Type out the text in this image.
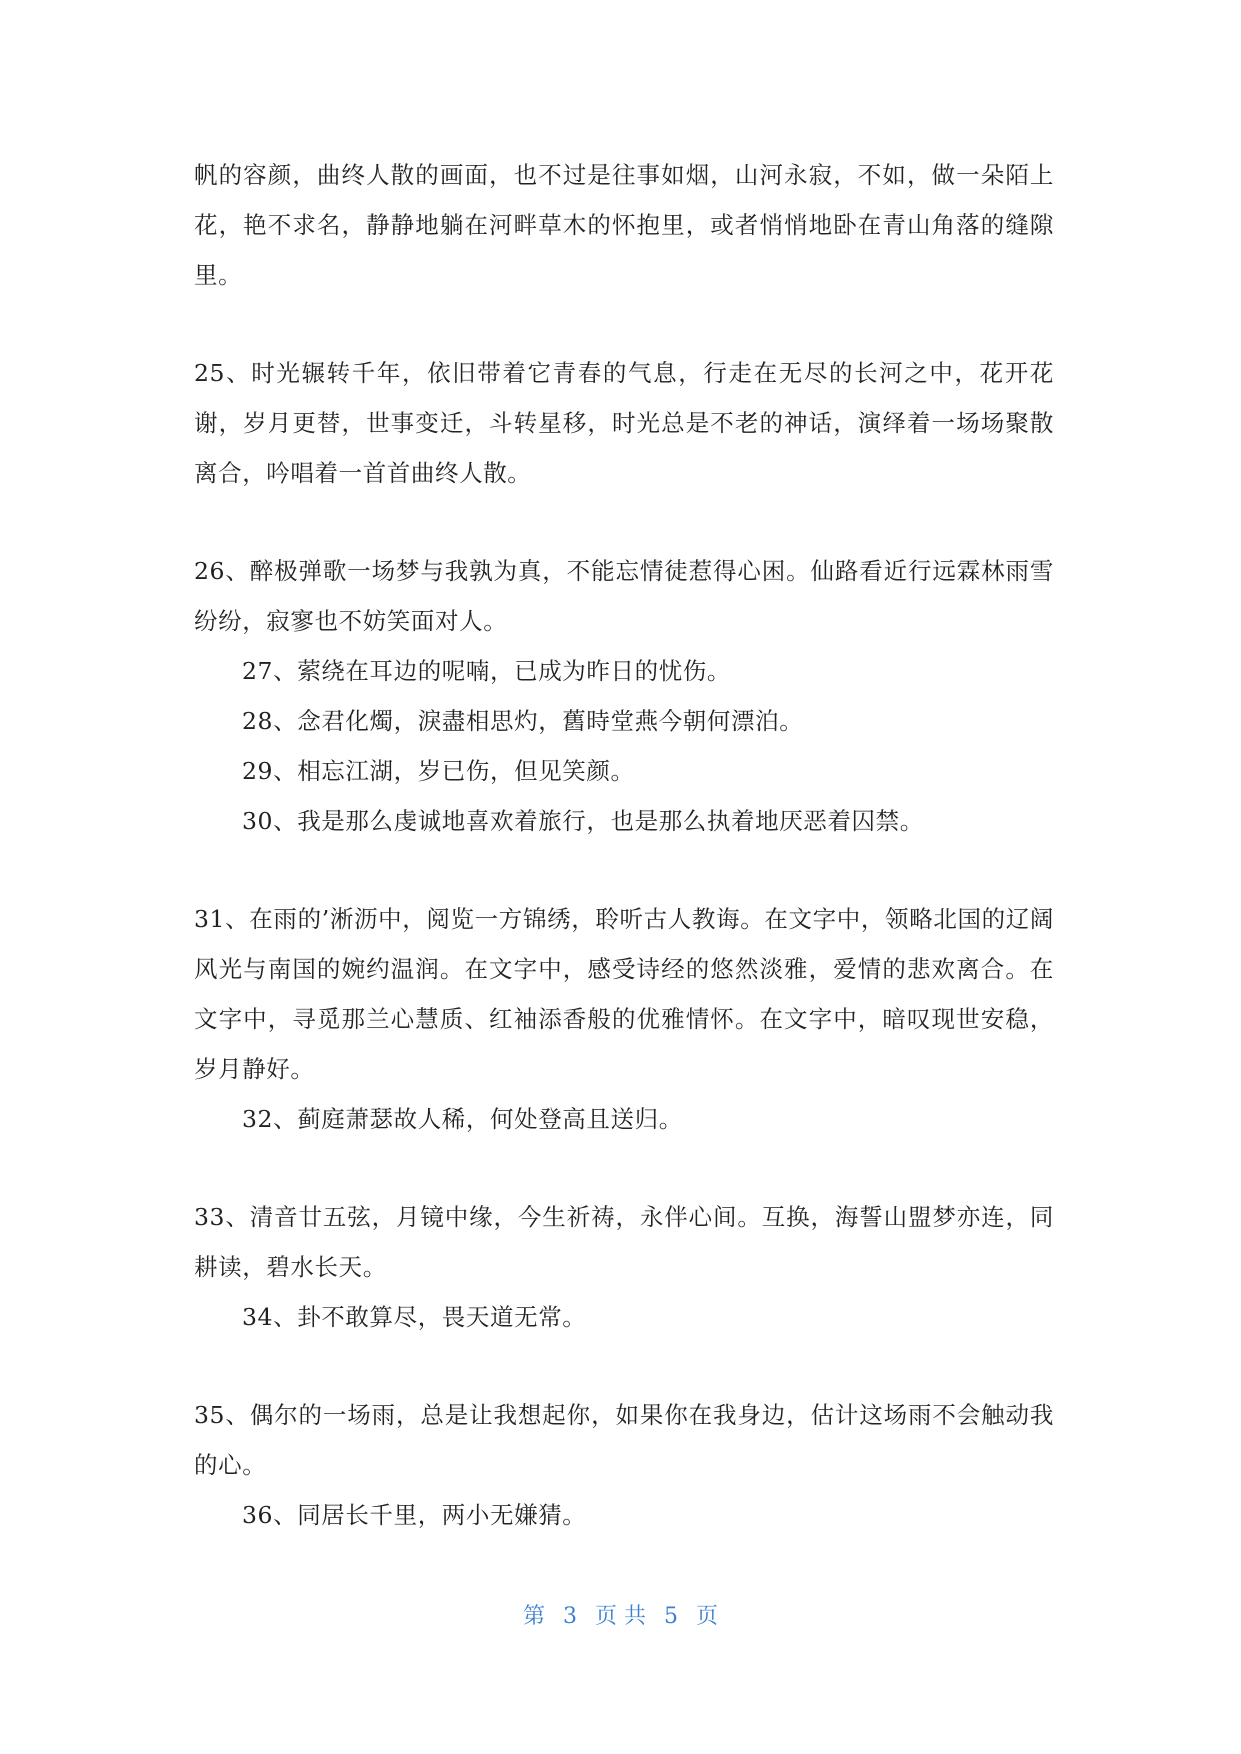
帆的容颜，曲终人散的画面，也不过是往事如烟，山河永寂，不如，做一朵陌上花，艳不求名，静静地躺在河畔草木的怀抱里，或者悄悄地卧在青山角落的缝隙里。

25、时光辗转千年，依旧带着它青春的气息，行走在无尽的长河之中，花开花谢，岁月更替，世事变迁，斗转星移，时光总是不老的神话，演绎着一场场聚散离合，吟唱着一首首曲终人散。

26、醉极弹歌一场梦与我孰为真，不能忘情徒惹得心困。仙路看近行远霖林雨雪纷纷，寂寥也不妨笑面对人。

27、萦绕在耳边的呢喃，已成为昨日的忧伤。

28、念君化燭，淚盡相思灼，舊時堂燕今朝何漂泊。

29、相忘江湖，岁已伤，但见笑颜。

30、我是那么虔诚地喜欢着旅行，也是那么执着地厌恶着囚禁。

31、在雨的’淅沥中，阅览一方锦绣，聆听古人教诲。在文字中，领略北国的辽阔风光与南国的婉约温润。在文字中，感受诗经的悠然淡雅，爱情的悲欢离合。在文字中，寻觅那兰心慧质、红袖添香般的优雅情怀。在文字中，暗叹现世安稳，岁月静好。

32、蓟庭萧瑟故人稀，何处登高且送归。

33、清音廿五弦，月镜中缘，今生祈祷，永伴心间。互换，海誓山盟梦亦连，同耕读，碧水长天。

34、卦不敢算尽，畏天道无常。

35、偶尔的一场雨，总是让我想起你，如果你在我身边，估计这场雨不会触动我的心。

36、同居长千里，两小无嫌猜。

第 3 页 共 5 页
